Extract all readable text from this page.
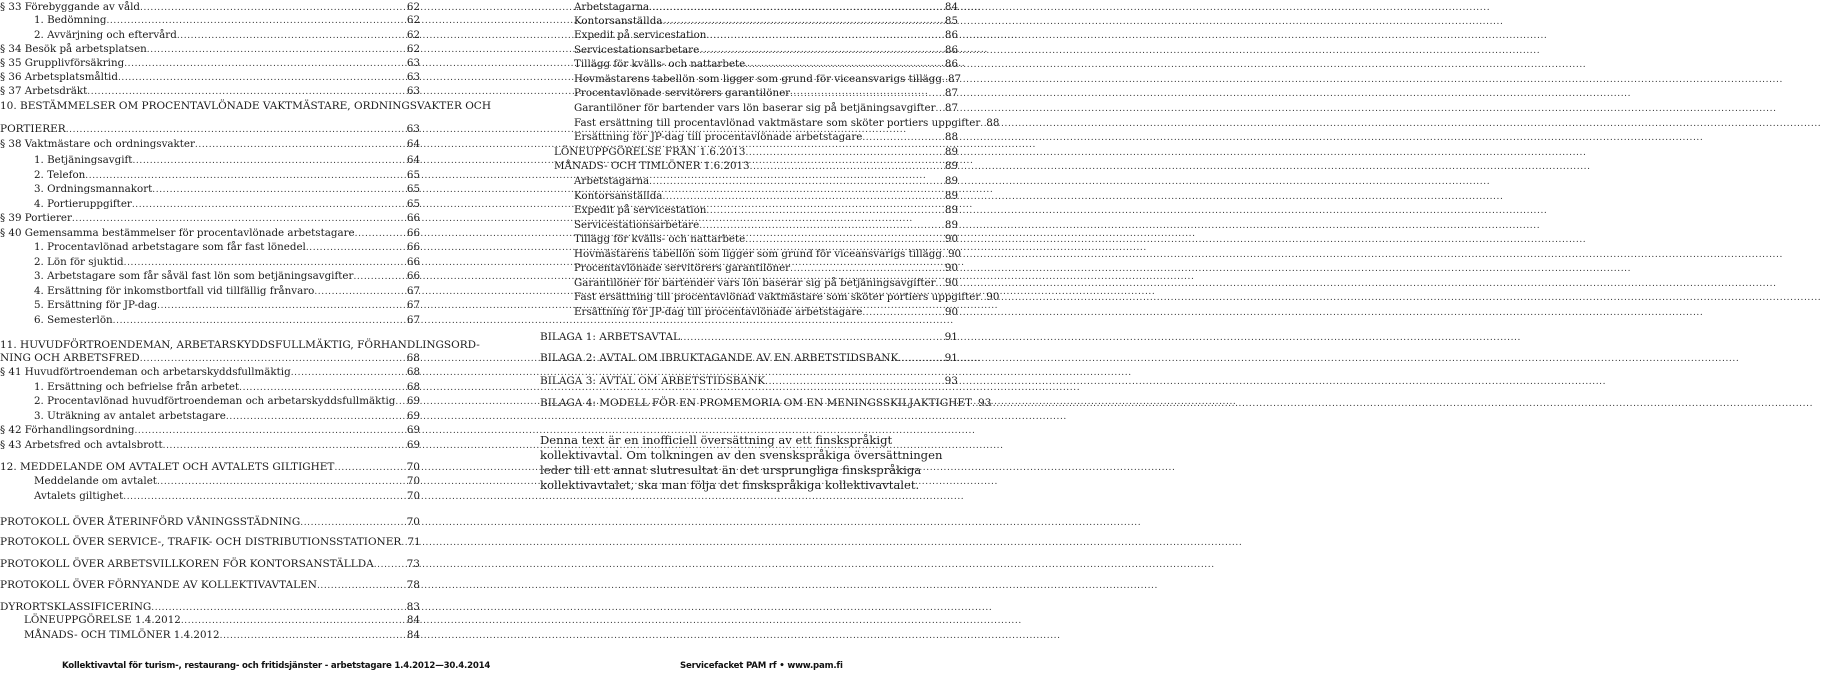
§ 33 Förebyggande av våld .....	62
1. Bedömning .....	62
2. Avvärjning och eftervård .....	62
§ 34 Besök på arbetsplatsen .....	62
§ 35 Grupplivförsäkring .....	63
§ 36 Arbetsplatsmåltid .....	63
§ 37 Arbetsdräkt .....	63
10. BESTÄMMELSER OM PROCENTAVLÖNADE VAKTMÄSTARE, ORDNINGSVAKTER OCH
PORTIERER .....	63
§ 38 Vaktmästare och ordningsvakter .....	64
1. Betjäningsavgift .....	64
2. Telefon .....	65
3. Ordningsmannakort .....	65
4. Portieruppgifter .....	65
§ 39 Portierer .....	66
§ 40 Gemensamma bestämmelser för procentavlönade arbetstagare .....	66
1. Procentavlönad arbetstagare som får fast lönedel .....	66
2. Lön för sjuktid .....	66
3. Arbetstagare som får såväl fast lön som betjäningsavgifter .....	66
4. Ersättning för inkomstbortfall vid tillfällig frånvaro .....	67
5. Ersättning för JP-dag .....	67
6. Semesterlön .....	67
11. HUVUDFÖRTROENDEMAN, ARBETARSKYDDSFULLMÄKTIG, FÖRHANDLINGSORD-
NING OCH ARBETSFRED .....	68
§ 41 Huvudförtroendeman och arbetarskyddsfullmäktig .....	68
1. Ersättning och befrielse från arbetet .....	68
2. Procentavlönad huvudförtroendeman och arbetarskyddsfullmäktig ..... 69
3. Uträkning av antalet arbetstagare .....	69
§ 42 Förhandlingsordning .....	69
§ 43 Arbetsfred och avtalsbrott .....	69
12. MEDDELANDE OM AVTALET OCH AVTALETS GILTIGHET .....	70
Meddelande om avtalet .....	70
Avtalets giltighet .....	70
PROTOKOLL ÖVER ÅTERINFÖRD VÅNINGSSTÄDNING .....	70
PROTOKOLL ÖVER SERVICE-, TRAFIK- OCH DISTRIBUTIONSSTATIONER ..... 71
PROTOKOLL ÖVER ARBETSVILLKOREN FÖR KONTORSANSTÄLLDA .....	73
PROTOKOLL ÖVER FÖRNYANDE AV KOLLEKTIVAVTALEN .....	78
DYRORTSKLASSIFICERING .....	83
LÖNEUPPGÖRELSE 1.4.2012 .....	84
MÅNADS- OCH TIMLÖNER 1.4.2012 .....	84
Arbetstagarna .....	84
Kontorsanställda .....	85
Expedit på servicestation .....	86
Servicestationsarbetare .....	86
Tillägg för kvälls- och nattarbete .....	86
Hovmästarens tabellön som ligger som grund för viceansvarigs tillägg ..... 87
Procentavlönade servitörers garantilöner .....	87
Garantilöner för bartender vars lön baserar sig på betjäningsavgifter ..... 87
Fast ersättning till procentavlönad vaktmästare som sköter portiers uppgifter ..... 88
Ersättning för JP-dag till procentavlönade arbetstagare .....	88
LÖNEUPPGÖRELSE FRÅN 1.6.2013 .....	89
MÅNADS- OCH TIMLÖNER 1.6.2013 .....	89
Arbetstagarna .....	89
Kontorsanställda .....	89
Expedit på servicestation .....	89
Servicestationsarbetare .....	89
Tillägg för kvälls- och nattarbete .....	90
Hovmästarens tabellön som ligger som grund för viceansvarigs tillägg ..... 90
Procentavlönade servitörers garantilöner .....	90
Garantilöner för bartender vars lön baserar sig på betjäningsavgifter ..... 90
Fast ersättning till procentavlönad vaktmästare som sköter portiers uppgifter ..... 90
Ersättning för JP-dag till procentavlönade arbetstagare .....	90
BILAGA 1: ARBETSAVTAL .....	91
BILAGA 2: AVTAL OM IBRUKTAGANDE AV EN ARBETSTIDSBANK .....	91
BILAGA 3: AVTAL OM ARBETSTIDSBANK .....	93
BILAGA 4: MODELL FÖR EN PROMEMORIA OM EN MENINGSSKILJAKTIGHET ..... 93
Denna text är en inofficiell översättning av ett finskspråkigt kollektivavtal. Om tolkningen av den svenskspråkiga översättningen leder till ett annat slutresultat än det ursprungliga finskspråkiga kollektivavtalet, ska man följa det finskspråkiga kollektivavtalet.
Kollektivavtal för turism-, restaurang- och fritidsjänster - arbetstagare 1.4.2012—30.4.2014	Servicefacket PAM rf • www.pam.fi
